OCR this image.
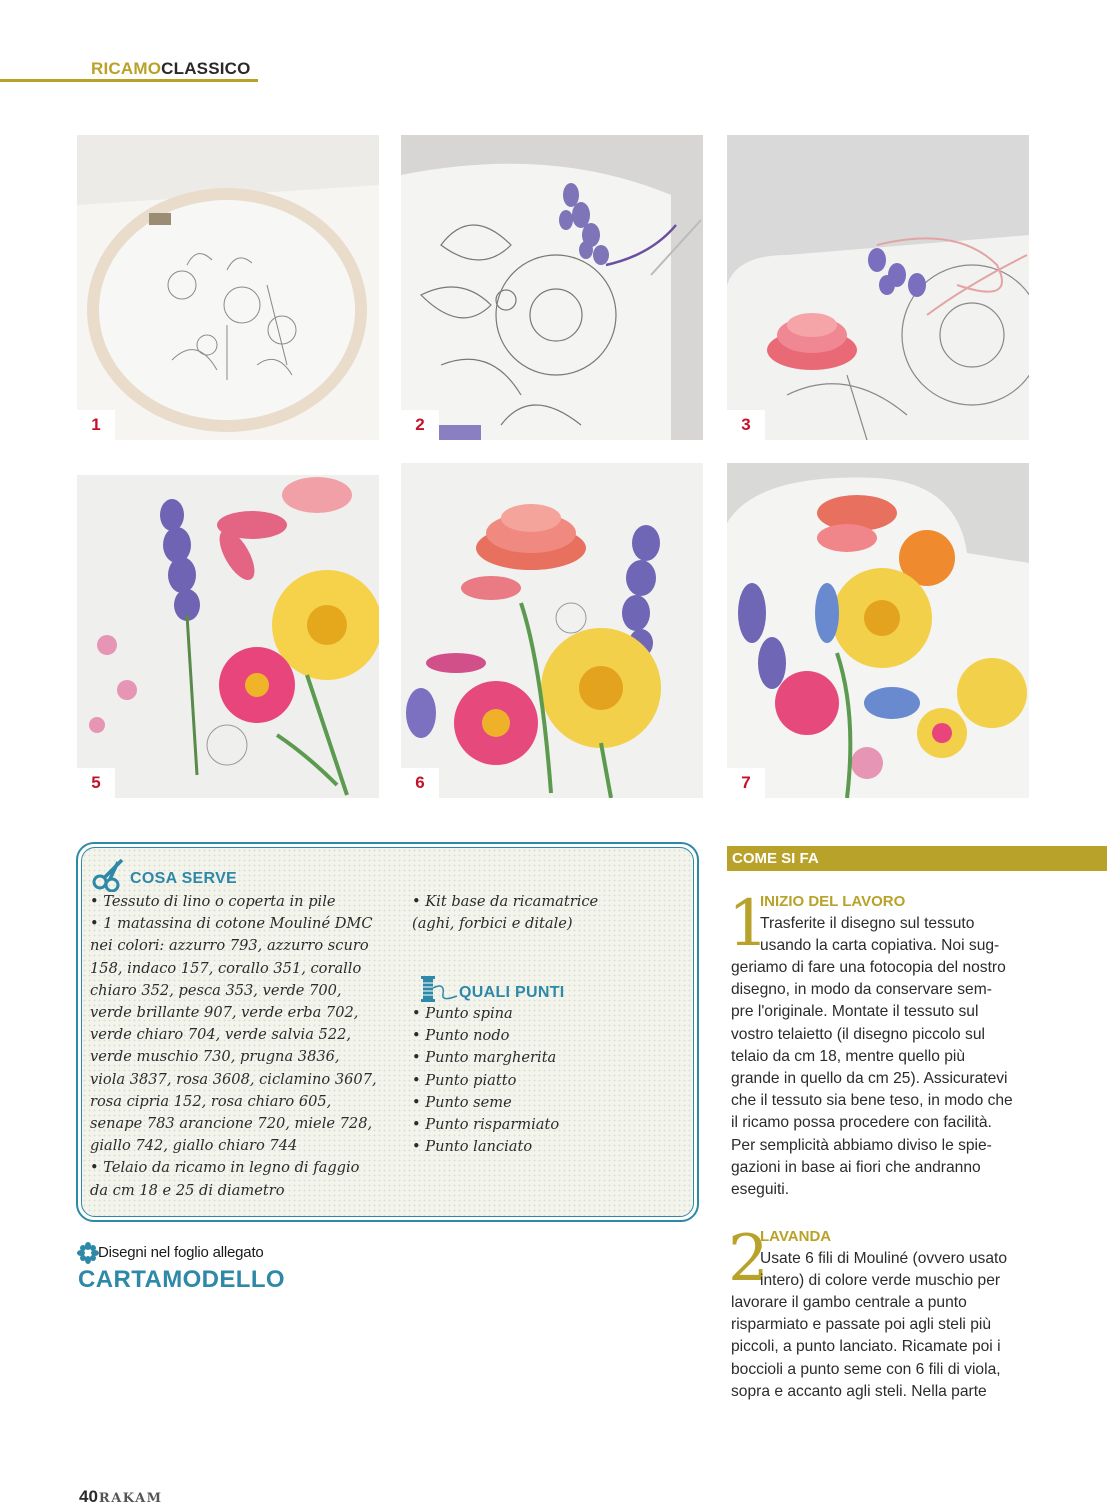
RICAMOCLASSICO
1	2	3
5	6	7
COSA SERVE

• Tessuto di lino o coperta in pile

• 1 matassina di cotone Mouliné DMC

nei colori: azzurro 793, azzurro scuro

158, indaco 157, corallo 351, corallo

chiaro 352, pesca 353, verde 700,

verde brillante 907, verde erba 702,

verde chiaro 704, verde salvia 522,

verde muschio 730, prugna 3836,

viola 3837, rosa 3608, ciclamino 3607,

rosa cipria 152, rosa chiaro 605,

senape 783 arancione 720, miele 728,

giallo 742, giallo chiaro 744

• Telaio da ricamo in legno di faggio

da cm 18 e 25 di diametro

• Kit base da ricamatrice

(aghi, forbici e ditale)

QUALI PUNTI

• Punto spina

• Punto nodo

• Punto margherita

• Punto piatto

• Punto seme

• Punto risparmiato

• Punto lanciato

Disegni nel foglio allegato
CARTAMODELLO
COME SI FA
1
INIZIO DEL LAVORO

Trasferite il disegno sul tessuto

usando la carta copiativa. Noi sug-

geriamo di fare una fotocopia del nostro

disegno, in modo da conservare sem-

pre l'originale. Montate il tessuto sul

vostro telaietto (il disegno piccolo sul

telaio da cm 18, mentre quello più

grande in quello da cm 25). Assicuratevi

che il tessuto sia bene teso, in modo che

il ricamo possa procedere con facilità.

Per semplicità abbiamo diviso le spie-

gazioni in base ai fiori che andranno

eseguiti.

2
LAVANDA

Usate 6 fili di Mouliné (ovvero usato

intero) di colore verde muschio per

lavorare il gambo centrale a punto

risparmiato e passate poi agli steli più

piccoli, a punto lanciato. Ricamate poi i

boccioli a punto seme con 6 fili di viola,

sopra e accanto agli steli. Nella parte

40RAKAM
